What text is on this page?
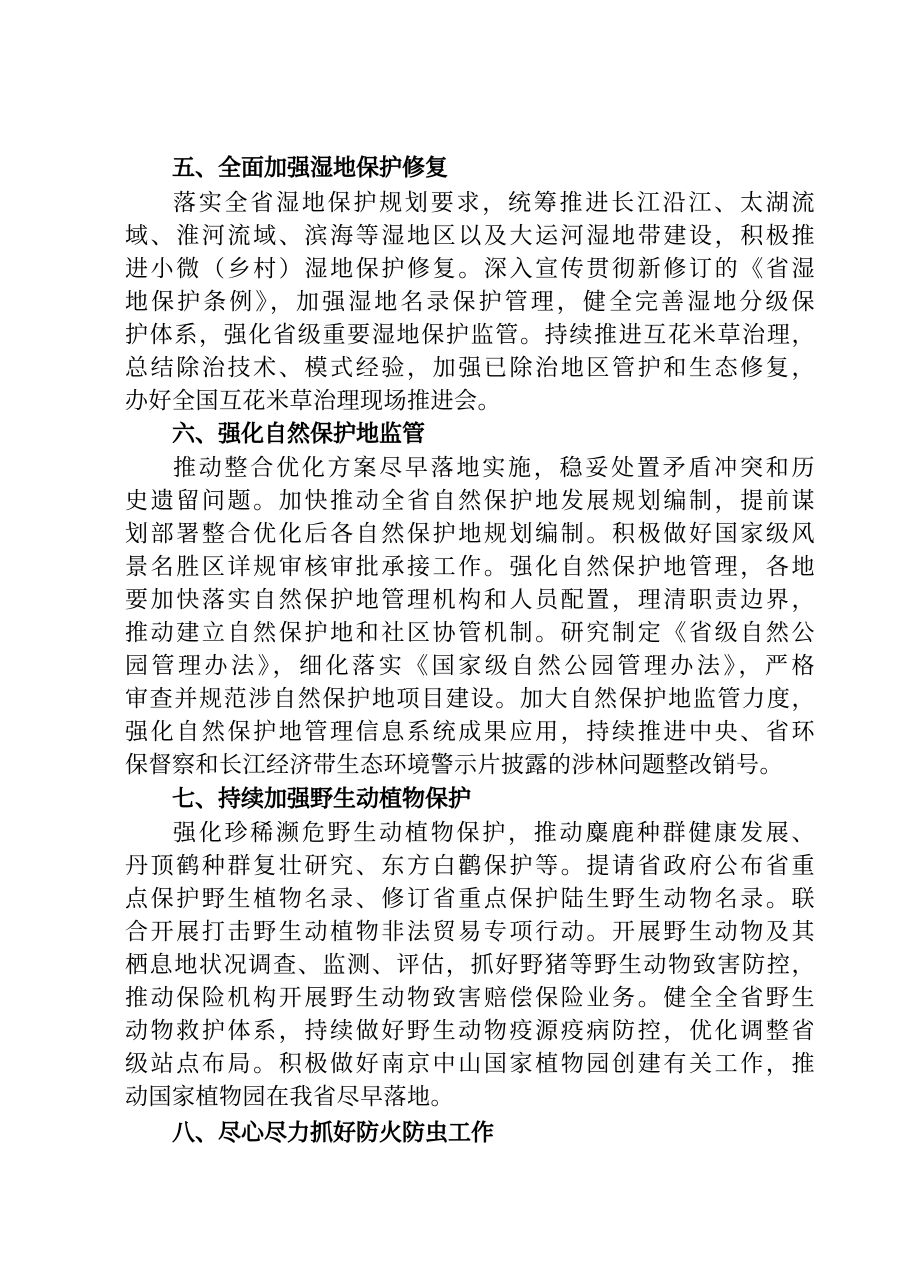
五、全面加强湿地保护修复
落实全省湿地保护规划要求，统筹推进长江沿江、太湖流
域、淮河流域、滨海等湿地区以及大运河湿地带建设，积极推
进小微（乡村）湿地保护修复。深入宣传贯彻新修订的《省湿
地保护条例》，加强湿地名录保护管理，健全完善湿地分级保
护体系，强化省级重要湿地保护监管。持续推进互花米草治理，
总结除治技术、模式经验，加强已除治地区管护和生态修复，
办好全国互花米草治理现场推进会。
六、强化自然保护地监管
推动整合优化方案尽早落地实施，稳妥处置矛盾冲突和历
史遗留问题。加快推动全省自然保护地发展规划编制，提前谋
划部署整合优化后各自然保护地规划编制。积极做好国家级风
景名胜区详规审核审批承接工作。强化自然保护地管理，各地
要加快落实自然保护地管理机构和人员配置，理清职责边界，
推动建立自然保护地和社区协管机制。研究制定《省级自然公
园管理办法》，细化落实《国家级自然公园管理办法》，严格
审查并规范涉自然保护地项目建设。加大自然保护地监管力度，
强化自然保护地管理信息系统成果应用，持续推进中央、省环
保督察和长江经济带生态环境警示片披露的涉林问题整改销号。
七、持续加强野生动植物保护
强化珍稀濒危野生动植物保护，推动麋鹿种群健康发展、
丹顶鹤种群复壮研究、东方白鹳保护等。提请省政府公布省重
点保护野生植物名录、修订省重点保护陆生野生动物名录。联
合开展打击野生动植物非法贸易专项行动。开展野生动物及其
栖息地状况调查、监测、评估，抓好野猪等野生动物致害防控，
推动保险机构开展野生动物致害赔偿保险业务。健全全省野生
动物救护体系，持续做好野生动物疫源疫病防控，优化调整省
级站点布局。积极做好南京中山国家植物园创建有关工作，推
动国家植物园在我省尽早落地。
八、尽心尽力抓好防火防虫工作
